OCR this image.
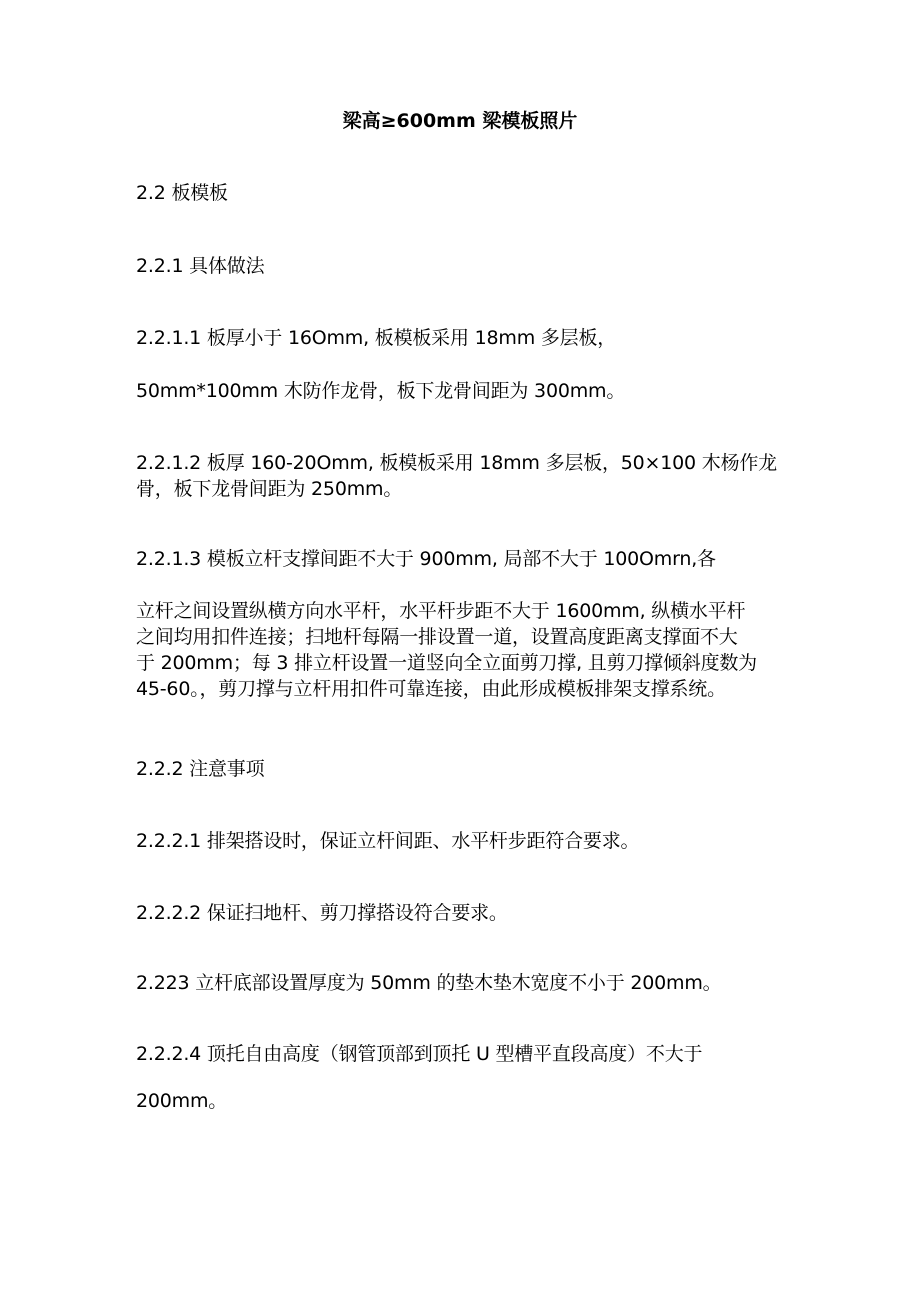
梁高≥600mm 梁模板照片
2.2 板模板
2.2.1 具体做法
2.2.1.1 板厚小于 16Omm, 板模板采用 18mm 多层板，
50mm*100mm 木防作龙骨，板下龙骨间距为 300mm。
2.2.1.2 板厚 160-20Omm, 板模板采用 18mm 多层板，50×100 木杨作龙
骨，板下龙骨间距为 250mm。
2.2.1.3 模板立杆支撑间距不大于 900mm, 局部不大于 100Omrn,各
立杆之间设置纵横方向水平杆，水平杆步距不大于 1600mm, 纵横水平杆
之间均用扣件连接；扫地杆每隔一排设置一道，设置高度距离支撑面不大
于 200mm；每 3 排立杆设置一道竖向全立面剪刀撑, 且剪刀撑倾斜度数为
45-60。，剪刀撑与立杆用扣件可靠连接，由此形成模板排架支撑系统。
2.2.2 注意事项
2.2.2.1 排架搭设时，保证立杆间距、水平杆步距符合要求。
2.2.2.2 保证扫地杆、剪刀撑搭设符合要求。
2.223 立杆底部设置厚度为 50mm 的垫木垫木宽度不小于 200mm。
2.2.2.4 顶托自由高度（钢管顶部到顶托 U 型槽平直段高度）不大于
200mm。
